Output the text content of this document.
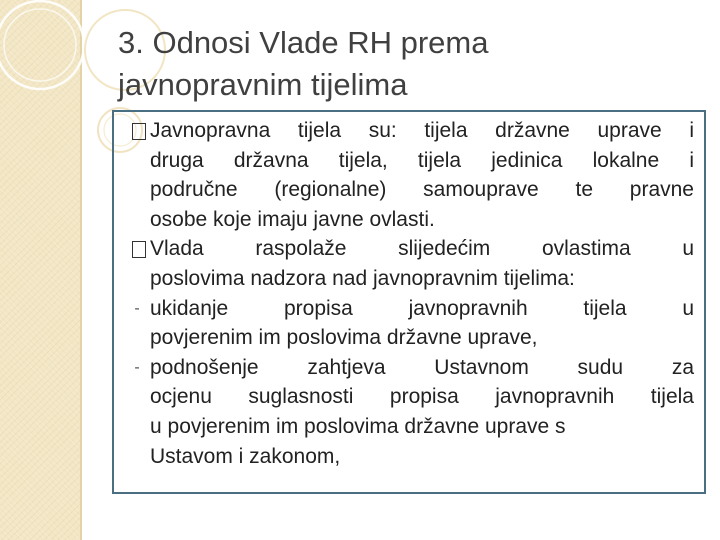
3. Odnosi Vlade RH prema
javnopravnim tijelima
Javnopravna tijela su: tijela državne uprave i
druga državna tijela, tijela jedinica lokalne i
područne (regionalne) samouprave te pravne
osobe koje imaju javne ovlasti.
Vlada raspolaže slijedećim ovlastima u
poslovima nadzora nad javnopravnim tijelima:
- ukidanje propisa javnopravnih tijela u
povjerenim im poslovima državne uprave,
- podnošenje zahtjeva Ustavnom sudu za
ocjenu suglasnosti propisa javnopravnih tijela
u povjerenim im poslovima državne uprave s
Ustavom i zakonom,
